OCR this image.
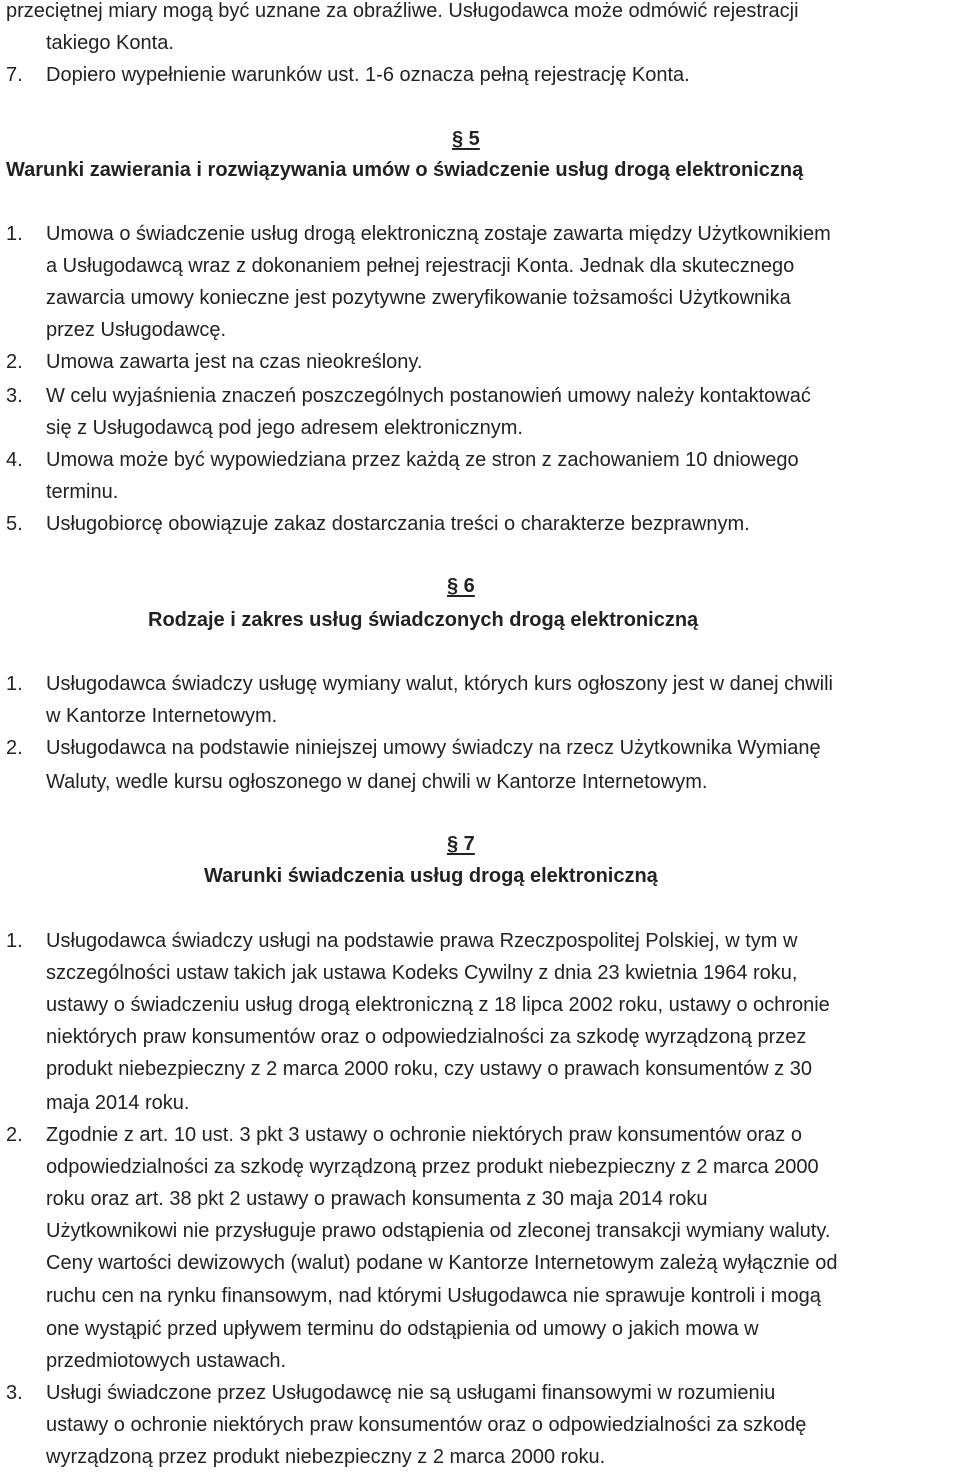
przeciętnej miary mogą być uznane za obraźliwe. Usługodawca może odmówić rejestracji
takiego Konta.
7.	Dopiero wypełnienie warunków ust. 1-6 oznacza pełną rejestrację Konta.
§ 5
Warunki zawierania i rozwiązywania umów o świadczenie usług drogą elektroniczną
1. Umowa o świadczenie usług drogą elektroniczną zostaje zawarta między Użytkownikiem
a Usługodawcą wraz z dokonaniem pełnej rejestracji Konta. Jednak dla skutecznego
zawarcia umowy konieczne jest pozytywne zweryfikowanie tożsamości Użytkownika
przez Usługodawcę.
2. Umowa zawarta jest na czas nieokreślony.
3. W celu wyjaśnienia znaczeń poszczególnych postanowień umowy należy kontaktować
się z Usługodawcą pod jego adresem elektronicznym.
4. Umowa może być wypowiedziana przez każdą ze stron z zachowaniem 10 dniowego
terminu.
5. Usługobiorcę obowiązuje zakaz dostarczania treści o charakterze bezprawnym.
§ 6
Rodzaje i zakres usług świadczonych drogą elektroniczną
1. Usługodawca świadczy usługę wymiany walut, których kurs ogłoszony jest w danej chwili
w Kantorze Internetowym.
2. Usługodawca na podstawie niniejszej umowy świadczy na rzecz Użytkownika Wymianę
Waluty, wedle kursu ogłoszonego w danej chwili w Kantorze Internetowym.
§ 7
Warunki świadczenia usług drogą elektroniczną
1. Usługodawca świadczy usługi na podstawie prawa Rzeczpospolitej Polskiej, w tym w
szczególności ustaw takich jak ustawa Kodeks Cywilny z dnia 23 kwietnia 1964 roku,
ustawy o świadczeniu usług drogą elektroniczną z 18 lipca 2002 roku, ustawy o ochronie
niektórych praw konsumentów oraz o odpowiedzialności za szkodę wyrządzoną przez
produkt niebezpieczny z 2 marca 2000 roku, czy ustawy o prawach konsumentów z 30
maja 2014 roku.
2. Zgodnie z art. 10 ust. 3 pkt 3 ustawy o ochronie niektórych praw konsumentów oraz o
odpowiedzialności za szkodę wyrządzoną przez produkt niebezpieczny z 2 marca 2000
roku oraz art. 38 pkt 2 ustawy o prawach konsumenta z 30 maja 2014 roku
Użytkownikowi nie przysługuje prawo odstąpienia od zleconej transakcji wymiany waluty.
Ceny wartości dewizowych (walut) podane w Kantorze Internetowym zależą wyłącznie od
ruchu cen na rynku finansowym, nad którymi Usługodawca nie sprawuje kontroli i mogą
one wystąpić przed upływem terminu do odstąpienia od umowy o jakich mowa w
przedmiotowych ustawach.
3. Usługi świadczone przez Usługodawcę nie są usługami finansowymi w rozumieniu
ustawy o ochronie niektórych praw konsumentów oraz o odpowiedzialności za szkodę
wyrządzoną przez produkt niebezpieczny z 2 marca 2000 roku.
